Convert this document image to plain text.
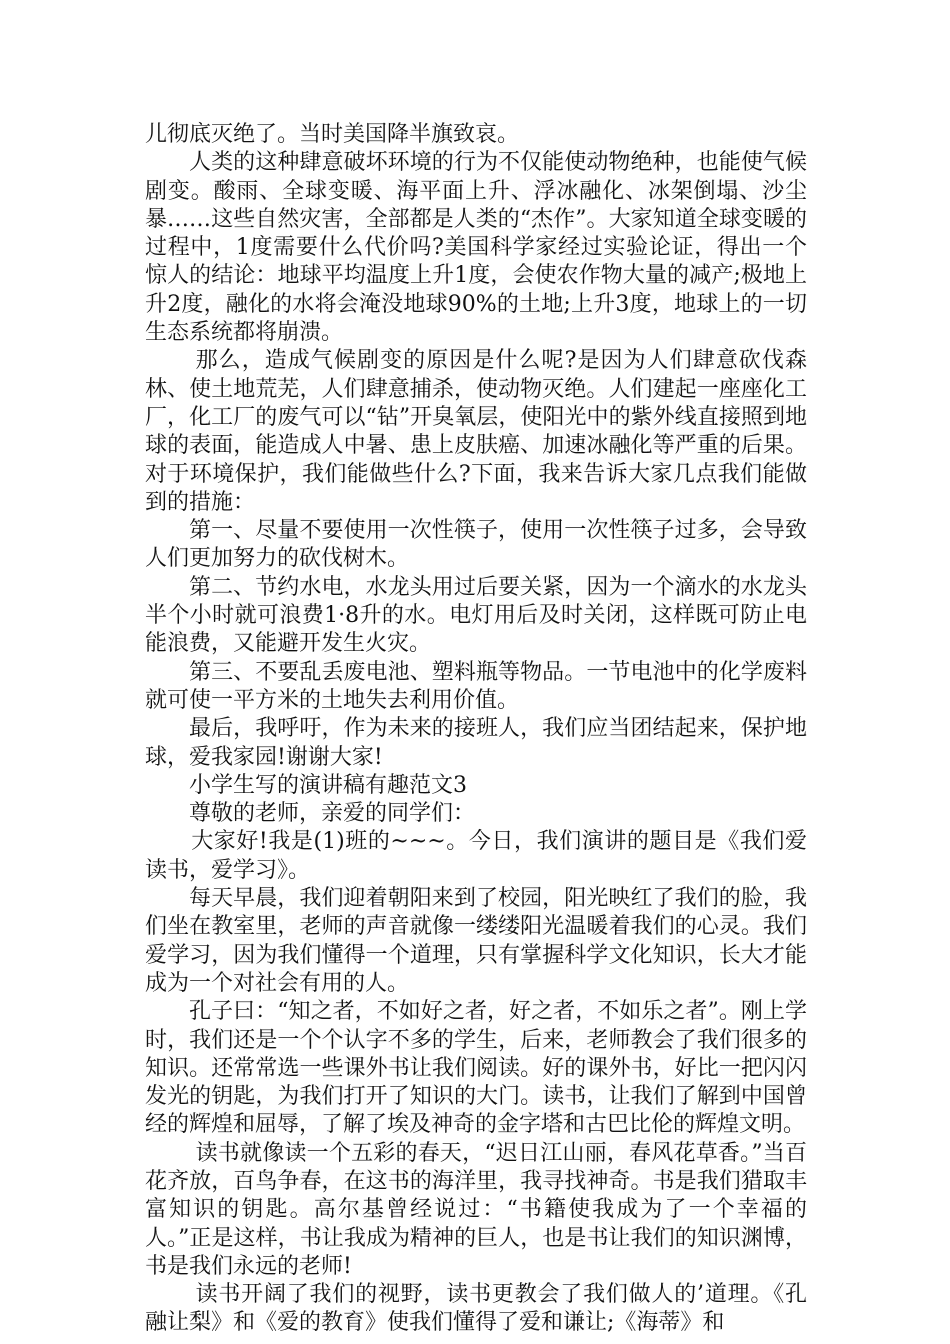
儿彻底灭绝了。当时美国降半旗致哀。

人类的这种肆意破坏环境的行为不仅能使动物绝种，也能使气候剧变。酸雨、全球变暖、海平面上升、浮冰融化、冰架倒塌、沙尘暴……这些自然灾害，全部都是人类的“杰作”。大家知道全球变暖的过程中，1度需要什么代价吗?美国科学家经过实验论证，得出一个惊人的结论：地球平均温度上升1度，会使农作物大量的减产;极地上升2度，融化的水将会淹没地球90%的土地;上升3度，地球上的一切生态系统都将崩溃。

那么，造成气候剧变的原因是什么呢?是因为人们肆意砍伐森林、使土地荒芜，人们肆意捕杀，使动物灭绝。人们建起一座座化工厂，化工厂的废气可以“钻”开臭氧层，使阳光中的紫外线直接照到地球的表面，能造成人中暑、患上皮肤癌、加速冰融化等严重的后果。对于环境保护，我们能做些什么?下面，我来告诉大家几点我们能做到的措施：

第一、尽量不要使用一次性筷子，使用一次性筷子过多，会导致人们更加努力的砍伐树木。

第二、节约水电，水龙头用过后要关紧，因为一个滴水的水龙头半个小时就可浪费1·8升的水。电灯用后及时关闭，这样既可防止电能浪费，又能避开发生火灾。

第三、不要乱丢废电池、塑料瓶等物品。一节电池中的化学废料就可使一平方米的土地失去利用价值。

最后，我呼吁，作为未来的接班人，我们应当团结起来，保护地球，爱我家园!谢谢大家!

小学生写的演讲稿有趣范文3

尊敬的老师，亲爱的同学们：

大家好!我是(1)班的~~~。今日，我们演讲的题目是《我们爱读书，爱学习》。

每天早晨，我们迎着朝阳来到了校园，阳光映红了我们的脸，我们坐在教室里，老师的声音就像一缕缕阳光温暖着我们的心灵。我们爱学习，因为我们懂得一个道理，只有掌握科学文化知识，长大才能成为一个对社会有用的人。

孔子曰：“知之者，不如好之者，好之者，不如乐之者”。刚上学时，我们还是一个个认字不多的学生，后来，老师教会了我们很多的知识。还常常选一些课外书让我们阅读。好的课外书，好比一把闪闪发光的钥匙，为我们打开了知识的大门。读书，让我们了解到中国曾经的辉煌和屈辱，了解了埃及神奇的金字塔和古巴比伦的辉煌文明。

读书就像读一个五彩的春天，“迟日江山丽，春风花草香。”当百花齐放，百鸟争春，在这书的海洋里，我寻找神奇。书是我们猎取丰富知识的钥匙。高尔基曾经说过：“书籍使我成为了一个幸福的人。”正是这样，书让我成为精神的巨人，也是书让我们的知识渊博，书是我们永远的老师!

读书开阔了我们的视野，读书更教会了我们做人的’道理。《孔融让梨》和《爱的教育》使我们懂得了爱和谦让;《海蒂》和
